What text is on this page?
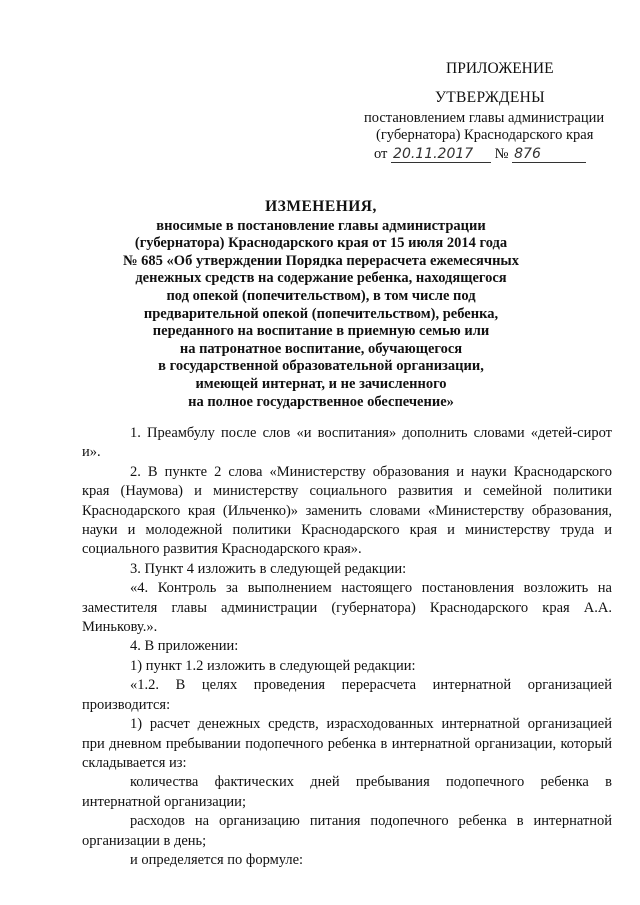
ПРИЛОЖЕНИЕ
УТВЕРЖДЕНЫ
постановлением главы администрации
(губернатора) Краснодарского края
от 20.11.2017 № 876
ИЗМЕНЕНИЯ,
вносимые в постановление главы администрации
(губернатора) Краснодарского края от 15 июля 2014 года
№ 685 «Об утверждении Порядка перерасчета ежемесячных
денежных средств на содержание ребенка, находящегося
под опекой (попечительством), в том числе под
предварительной опекой (попечительством), ребенка,
переданного на воспитание в приемную семью или
на патронатное воспитание, обучающегося
в государственной образовательной организации,
имеющей интернат, и не зачисленного
на полное государственное обеспечение»

1. Преамбулу после слов «и воспитания» дополнить словами «детей-сирот и».

2. В пункте 2 слова «Министерству образования и науки Краснодарского края (Наумова) и министерству социального развития и семейной политики Краснодарского края (Ильченко)» заменить словами «Министерству образования, науки и молодежной политики Краснодарского края и министерству труда и социального развития Краснодарского края».

3. Пункт 4 изложить в следующей редакции:

«4. Контроль за выполнением настоящего постановления возложить на заместителя главы администрации (губернатора) Краснодарского края А.А. Минькову.».

4. В приложении:

1) пункт 1.2 изложить в следующей редакции:

«1.2. В целях проведения перерасчета интернатной организацией производится:

1) расчет денежных средств, израсходованных интернатной организацией при дневном пребывании подопечного ребенка в интернатной организации, который складывается из:

количества фактических дней пребывания подопечного ребенка в интернатной организации;

расходов на организацию питания подопечного ребенка в интернатной организации в день;

и определяется по формуле:
